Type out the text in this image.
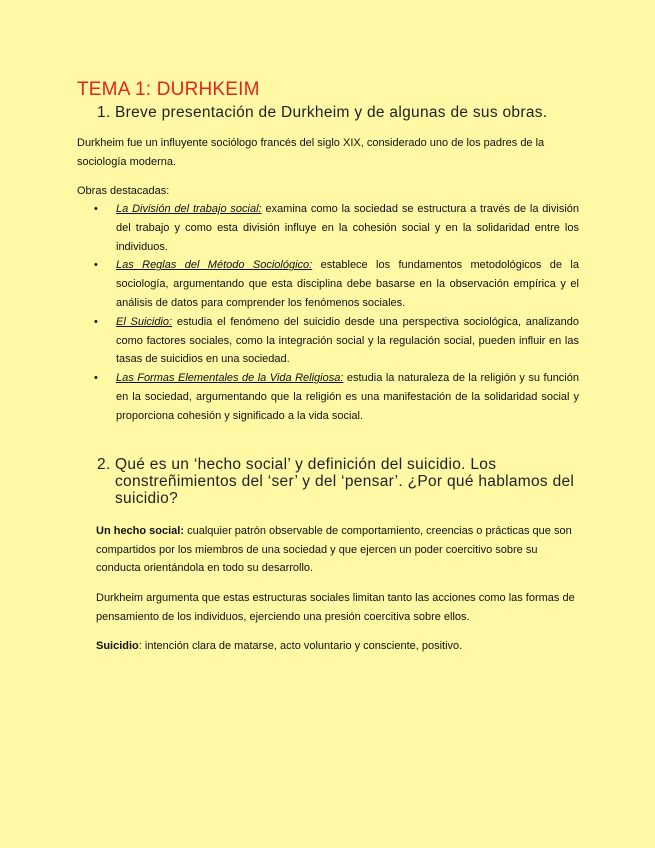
TEMA 1: DURHKEIM
1. Breve presentación de Durkheim y de algunas de sus obras.

Durkheim fue un influyente sociólogo francés del siglo XIX, considerado uno de los padres de la sociología moderna.

Obras destacadas:

• La División del trabajo social: examina como la sociedad se estructura a través de la división del trabajo y como esta división influye en la cohesión social y en la solidaridad entre los individuos.
• Las Reglas del Método Sociológico: establece los fundamentos metodológicos de la sociología, argumentando que esta disciplina debe basarse en la observación empírica y el análisis de datos para comprender los fenómenos sociales.
• El Suicidio: estudia el fenómeno del suicidio desde una perspectiva sociológica, analizando como factores sociales, como la integración social y la regulación social, pueden influir en las tasas de suicidios en una sociedad.
• Las Formas Elementales de la Vida Religiosa: estudia la naturaleza de la religión y su función en la sociedad, argumentando que la religión es una manifestación de la solidaridad social y proporciona cohesión y significado a la vida social.
2. Qué es un ‘hecho social’ y definición del suicidio. Los constreñimientos del ‘ser’ y del ‘pensar’. ¿Por qué hablamos del suicidio?

Un hecho social: cualquier patrón observable de comportamiento, creencias o prácticas que son compartidos por los miembros de una sociedad y que ejercen un poder coercitivo sobre su conducta orientándola en todo su desarrollo.

Durkheim argumenta que estas estructuras sociales limitan tanto las acciones como las formas de pensamiento de los individuos, ejerciendo una presión coercitiva sobre ellos.

Suicidio: intención clara de matarse, acto voluntario y consciente, positivo.
